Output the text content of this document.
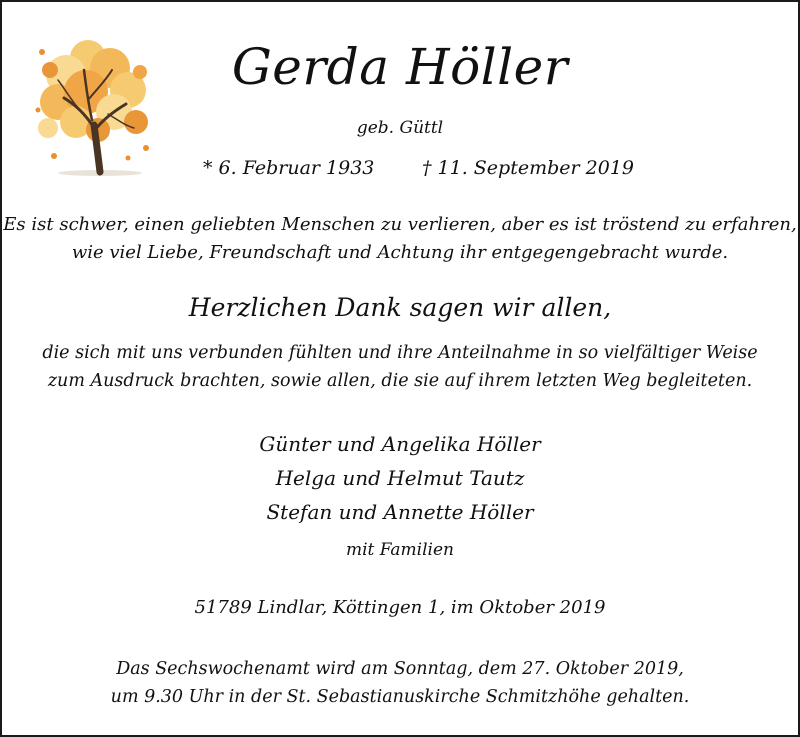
Gerda Höller
geb. Güttl
* 6. Februar 1933	† 11. September 2019
Es ist schwer, einen geliebten Menschen zu verlieren, aber es ist tröstend zu erfahren,
wie viel Liebe, Freundschaft und Achtung ihr entgegengebracht wurde.
Herzlichen Dank sagen wir allen,
die sich mit uns verbunden fühlten und ihre Anteilnahme in so vielfältiger Weise
zum Ausdruck brachten, sowie allen, die sie auf ihrem letzten Weg begleiteten.
Günter und Angelika Höller
Helga und Helmut Tautz
Stefan und Annette Höller
mit Familien
51789 Lindlar, Köttingen 1, im Oktober 2019
Das Sechswochenamt wird am Sonntag, dem 27. Oktober 2019,
um 9.30 Uhr in der St. Sebastianuskirche Schmitzhöhe gehalten.
